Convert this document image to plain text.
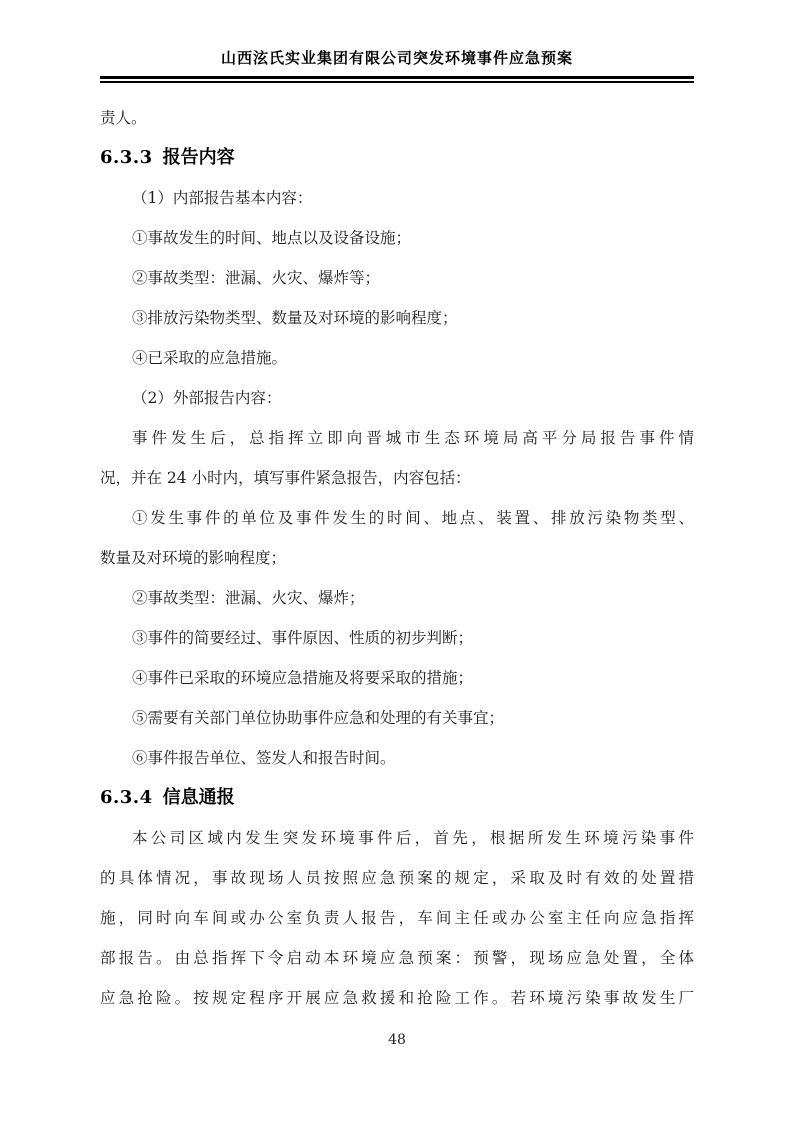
山西泫氏实业集团有限公司突发环境事件应急预案
责人。
6.3.3 报告内容
（1）内部报告基本内容：
①事故发生的时间、地点以及设备设施；
②事故类型：泄漏、火灾、爆炸等；
③排放污染物类型、数量及对环境的影响程度；
④已采取的应急措施。
（2）外部报告内容：
事件发生后，总指挥立即向晋城市生态环境局高平分局报告事件情
况，并在 24 小时内，填写事件紧急报告，内容包括：
①发生事件的单位及事件发生的时间、地点、装置、排放污染物类型、
数量及对环境的影响程度；
②事故类型：泄漏、火灾、爆炸；
③事件的简要经过、事件原因、性质的初步判断；
④事件已采取的环境应急措施及将要采取的措施；
⑤需要有关部门单位协助事件应急和处理的有关事宜；
⑥事件报告单位、签发人和报告时间。
6.3.4 信息通报
本公司区域内发生突发环境事件后，首先，根据所发生环境污染事件
的具体情况，事故现场人员按照应急预案的规定，采取及时有效的处置措
施，同时向车间或办公室负责人报告，车间主任或办公室主任向应急指挥
部报告。由总指挥下令启动本环境应急预案：预警，现场应急处置，全体
应急抢险。按规定程序开展应急救援和抢险工作。若环境污染事故发生厂
48
